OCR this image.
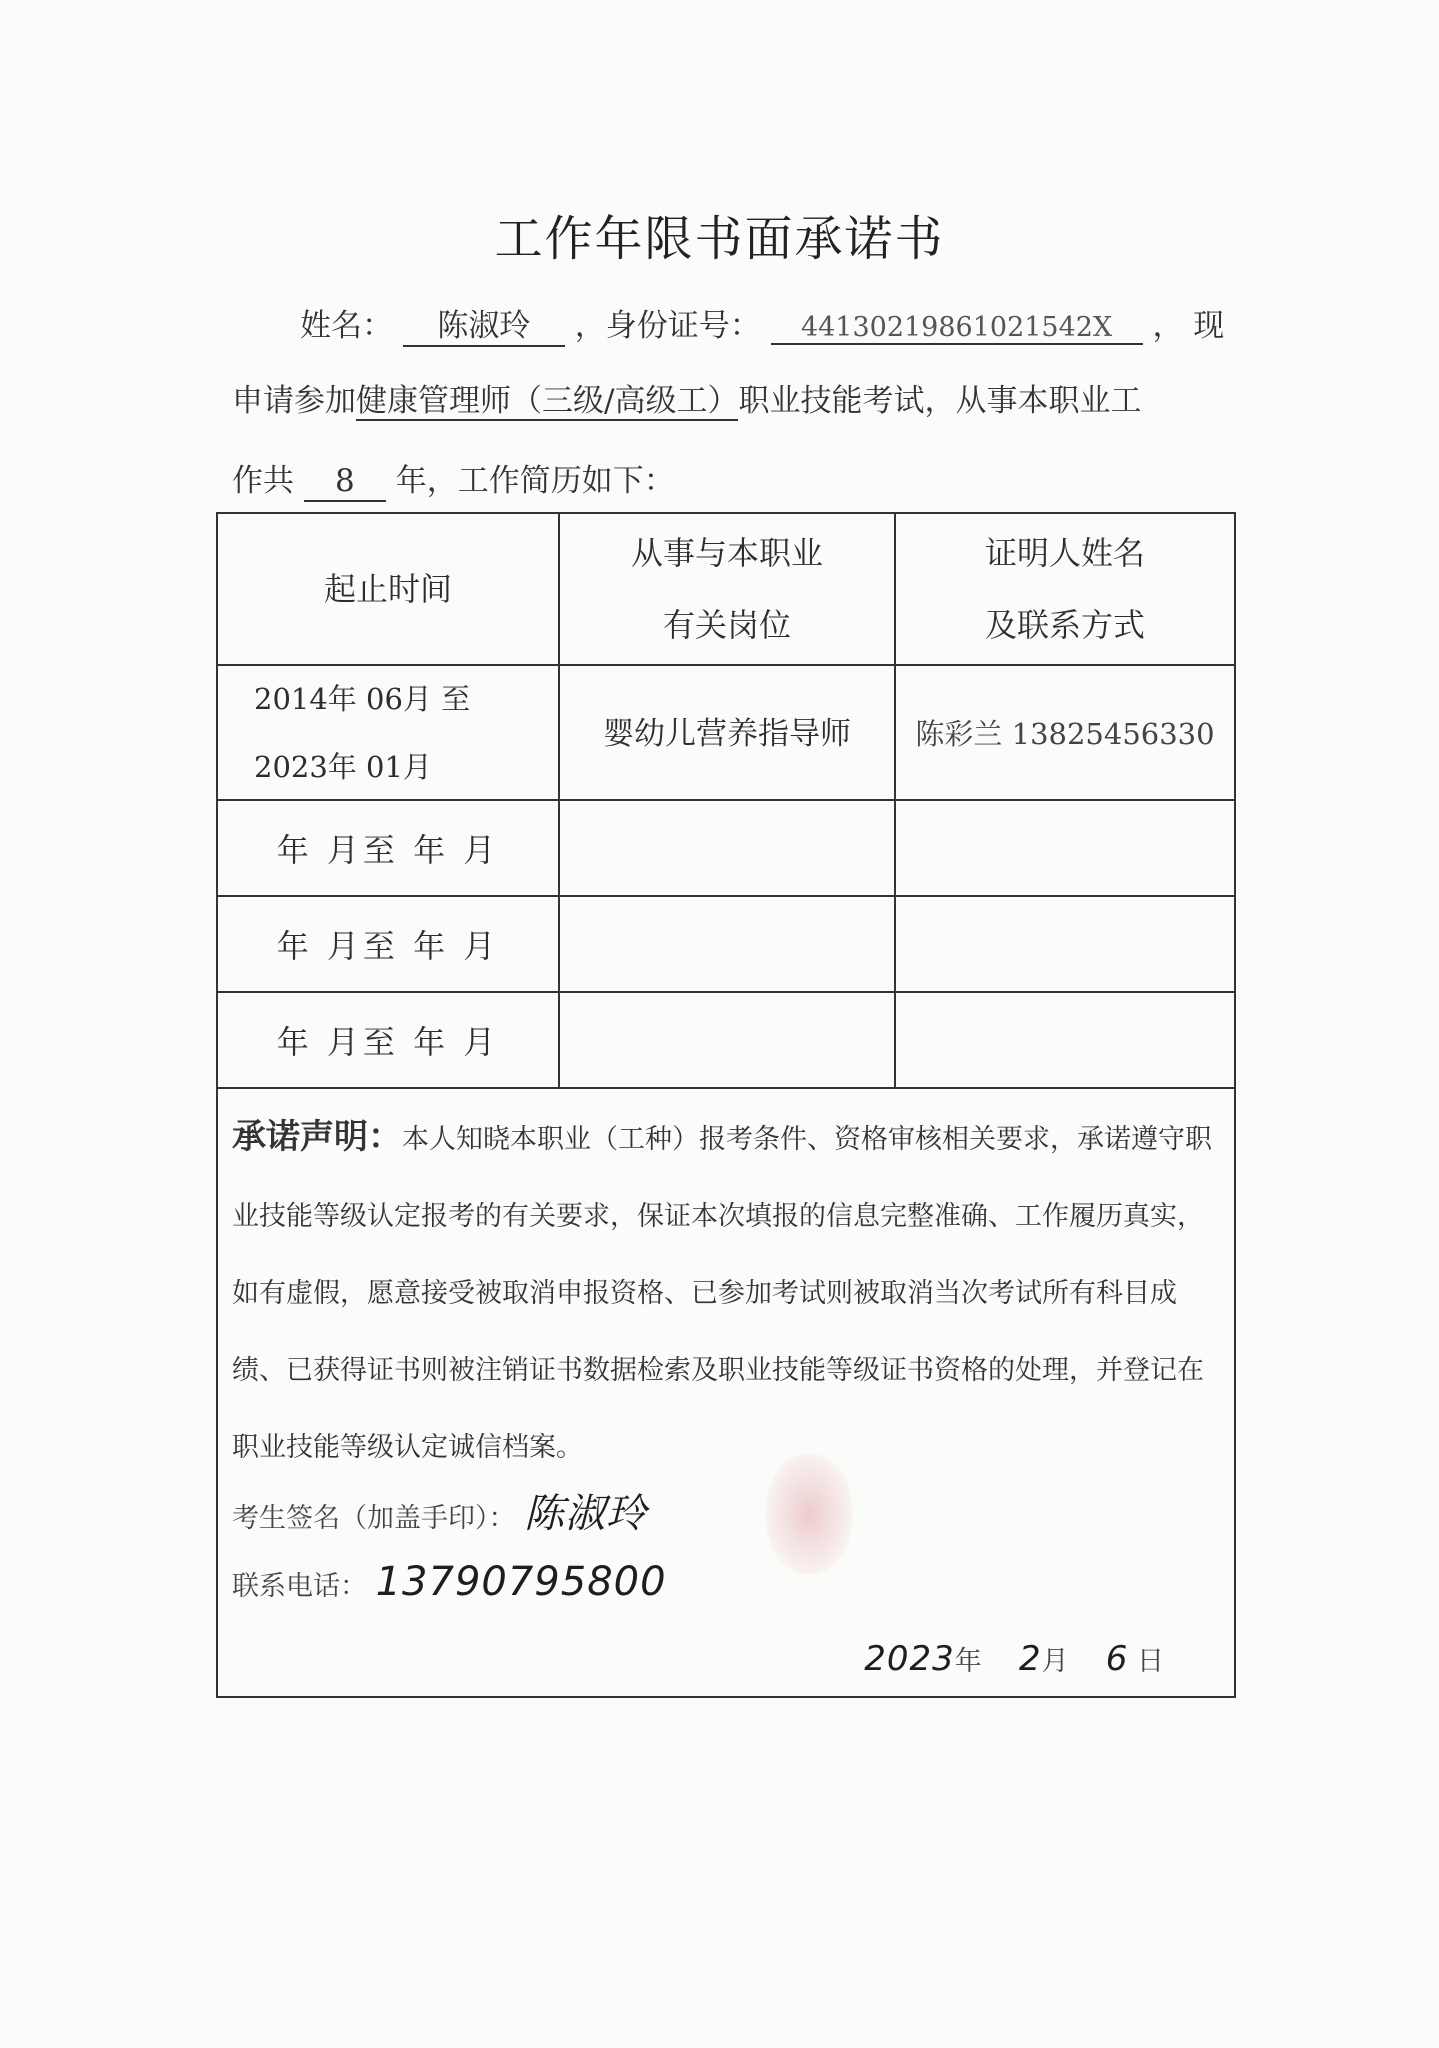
工作年限书面承诺书
姓名： 陈淑玲 ，身份证号： 44130219861021542X ， 现
申请参加健康管理师（三级/高级工）职业技能考试，从事本职业工
作共 8 年，工作简历如下：
起止时间
从事与本职业
有关岗位
证明人姓名
及联系方式
2014年 06月 至
2023年 01月
婴幼儿营养指导师 陈彩兰 13825456330
年 月至 年 月
年 月至 年 月
年 月至 年 月
承诺声明：本人知晓本职业（工种）报考条件、资格审核相关要求，承诺遵守职业技能等级认定报考的有关要求，保证本次填报的信息完整准确、工作履历真实，如有虚假，愿意接受被取消申报资格、已参加考试则被取消当次考试所有科目成绩、已获得证书则被注销证书数据检索及职业技能等级证书资格的处理，并登记在职业技能等级认定诚信档案。
考生签名（加盖手印）： 陈淑玲
联系电话： 13790795800
2023年 2月 6 日
